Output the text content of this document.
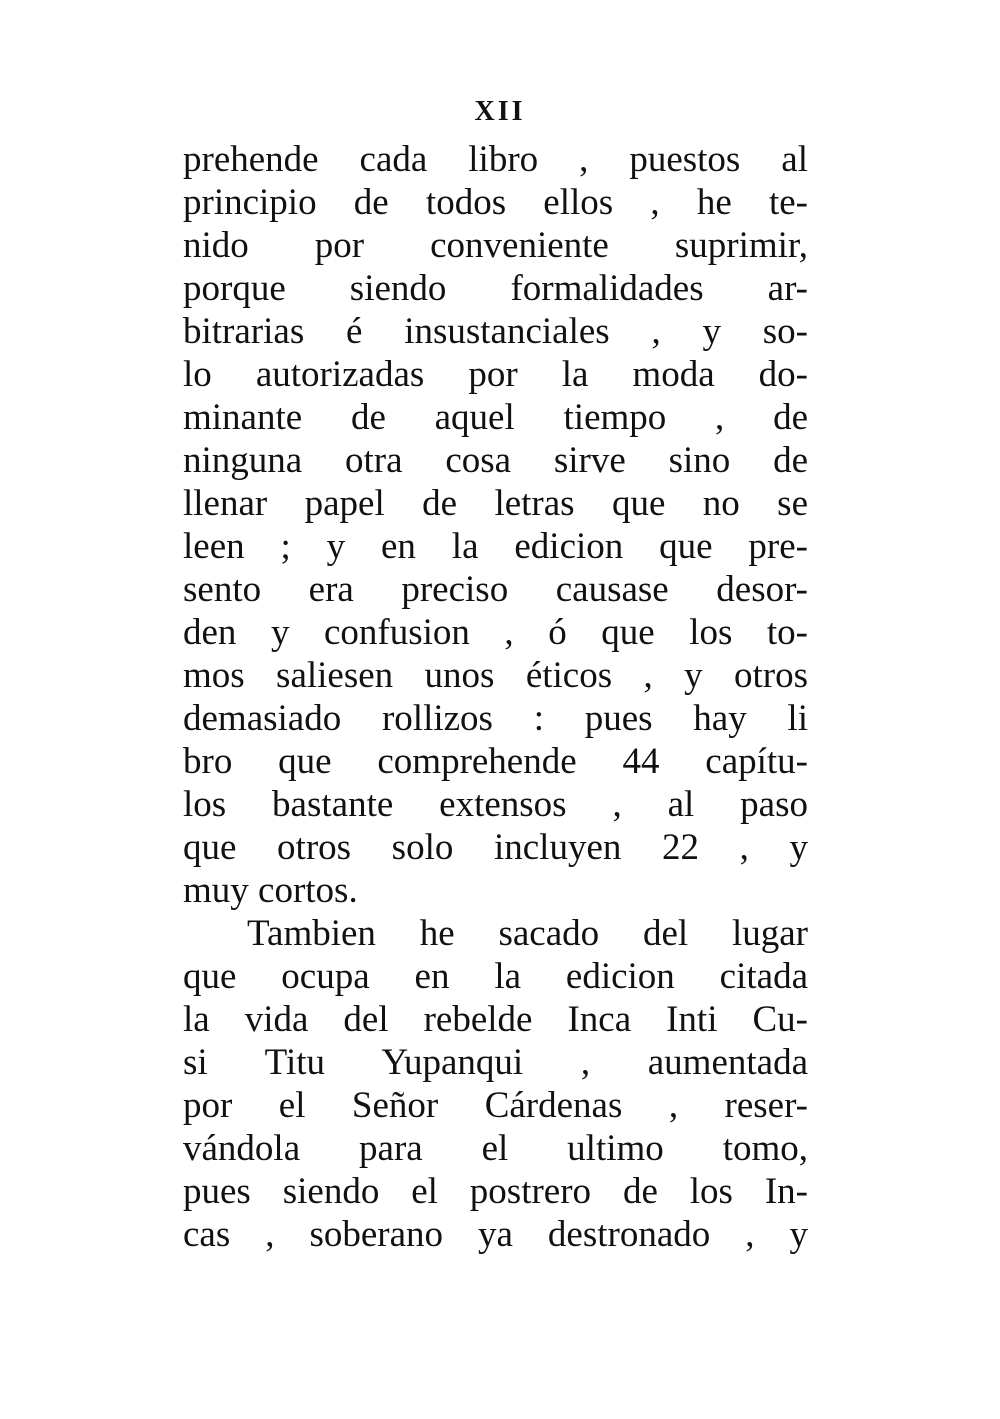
XII
prehende cada libro , puestos al
principio de todos ellos , he te-
nido por conveniente suprimir,
porque siendo formalidades ar-
bitrarias é insustanciales , y so-
lo autorizadas por la moda do-
minante de aquel tiempo , de
ninguna otra cosa sirve sino de
llenar papel de letras que no se
leen ; y en la edicion que pre-
sento era preciso causase desor-
den y confusion , ó que los to-
mos saliesen unos éticos , y otros
demasiado rollizos : pues hay li
bro que comprehende 44 capítu-
los bastante extensos , al paso
que otros solo incluyen 22 , y
muy cortos.
Tambien he sacado del lugar
que ocupa en la edicion citada
la vida del rebelde Inca Inti Cu-
si Titu Yupanqui , aumentada
por el Señor Cárdenas , reser-
vándola para el ultimo tomo,
pues siendo el postrero de los In-
cas , soberano ya destronado , y
